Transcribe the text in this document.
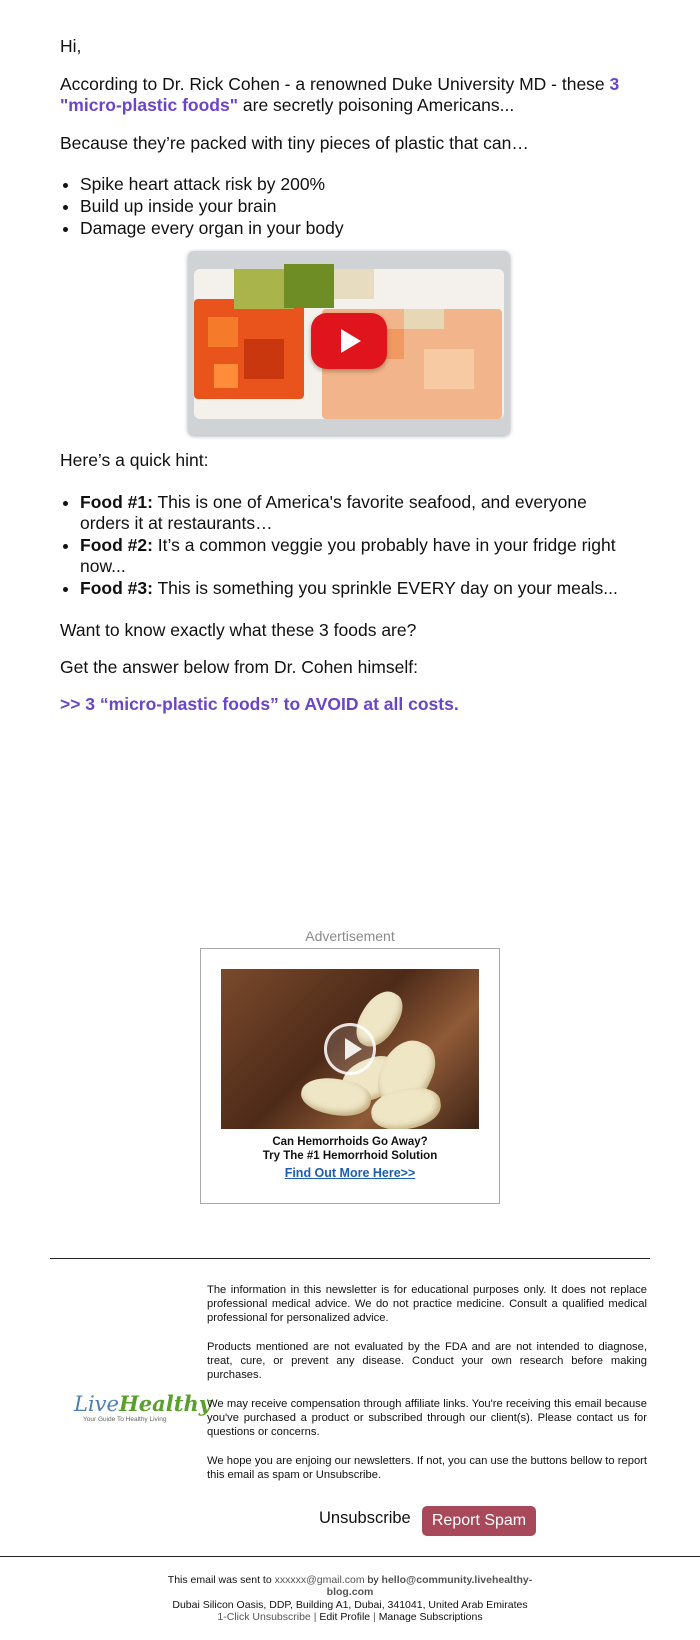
Hi,

According to Dr. Rick Cohen - a renowned Duke University MD - these 3 "micro-plastic foods" are secretly poisoning Americans...

Because they’re packed with tiny pieces of plastic that can…

• Spike heart attack risk by 200%
• Build up inside your brain
• Damage every organ in your body

Here’s a quick hint:

• Food #1: This is one of America's favorite seafood, and everyone orders it at restaurants…
• Food #2: It’s a common veggie you probably have in your fridge right now...
• Food #3: This is something you sprinkle EVERY day on your meals...

Want to know exactly what these 3 foods are?

Get the answer below from Dr. Cohen himself:

>> 3 “micro-plastic foods” to AVOID at all costs.
Advertisement
Can Hemorrhoids Go Away?
Try The #1 Hemorrhoid Solution
Find Out More Here>>
LiveHealthy
Your Guide To Healthy Living

The information in this newsletter is for educational purposes only. It does not replace professional medical advice. We do not practice medicine. Consult a qualified medical professional for personalized advice.

Products mentioned are not evaluated by the FDA and are not intended to diagnose, treat, cure, or prevent any disease. Conduct your own research before making purchases.

We may receive compensation through affiliate links. You're receiving this email because you've purchased a product or subscribed through our client(s). Please contact us for questions or concerns.

We hope you are enjoing our newsletters. If not, you can use the buttons bellow to report this email as spam or Unsubscribe.

Unsubscribe	Report Spam
This email was sent to xxxxxx@gmail.com by hello@community.livehealthy-
blog.com
Dubai Silicon Oasis, DDP, Building A1, Dubai, 341041, United Arab Emirates
1-Click Unsubscribe | Edit Profile | Manage Subscriptions
